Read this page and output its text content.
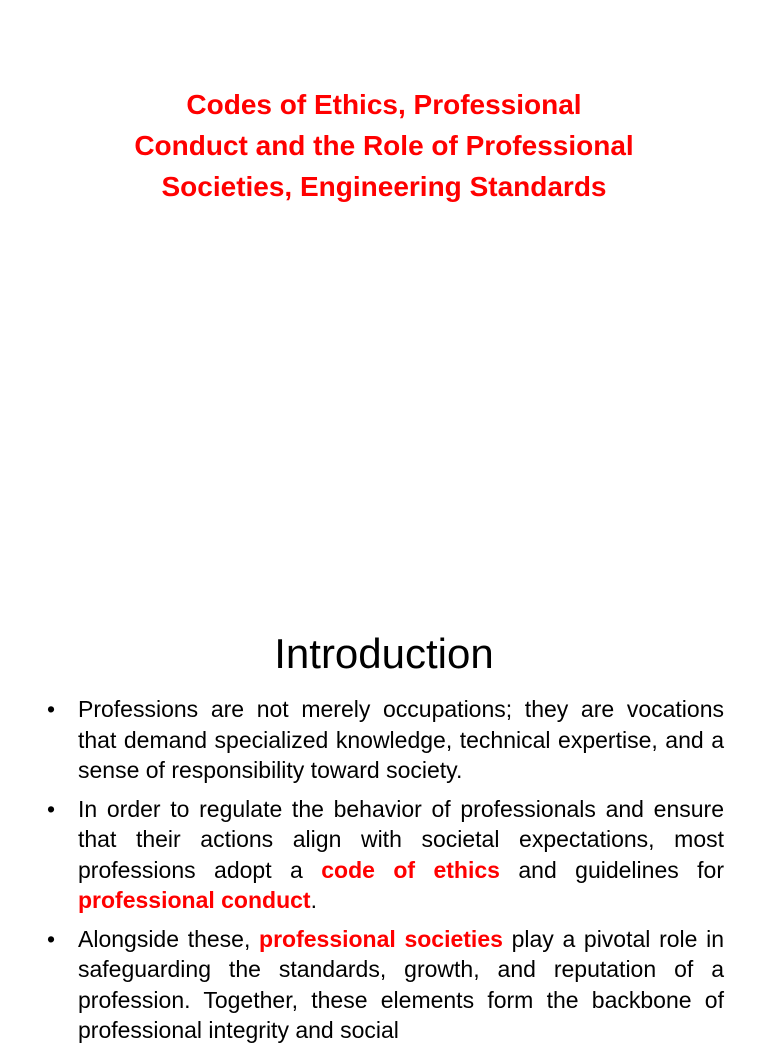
Codes of Ethics, Professional
Conduct and the Role of Professional
Societies, Engineering Standards
Introduction
• Professions are not merely occupations; they are vocations that demand specialized knowledge, technical expertise, and a sense of responsibility toward society.
• In order to regulate the behavior of professionals and ensure that their actions align with societal expectations, most professions adopt a code of ethics and guidelines for professional conduct.
• Alongside these, professional societies play a pivotal role in safeguarding the standards, growth, and reputation of a profession. Together, these elements form the backbone of professional integrity and social
